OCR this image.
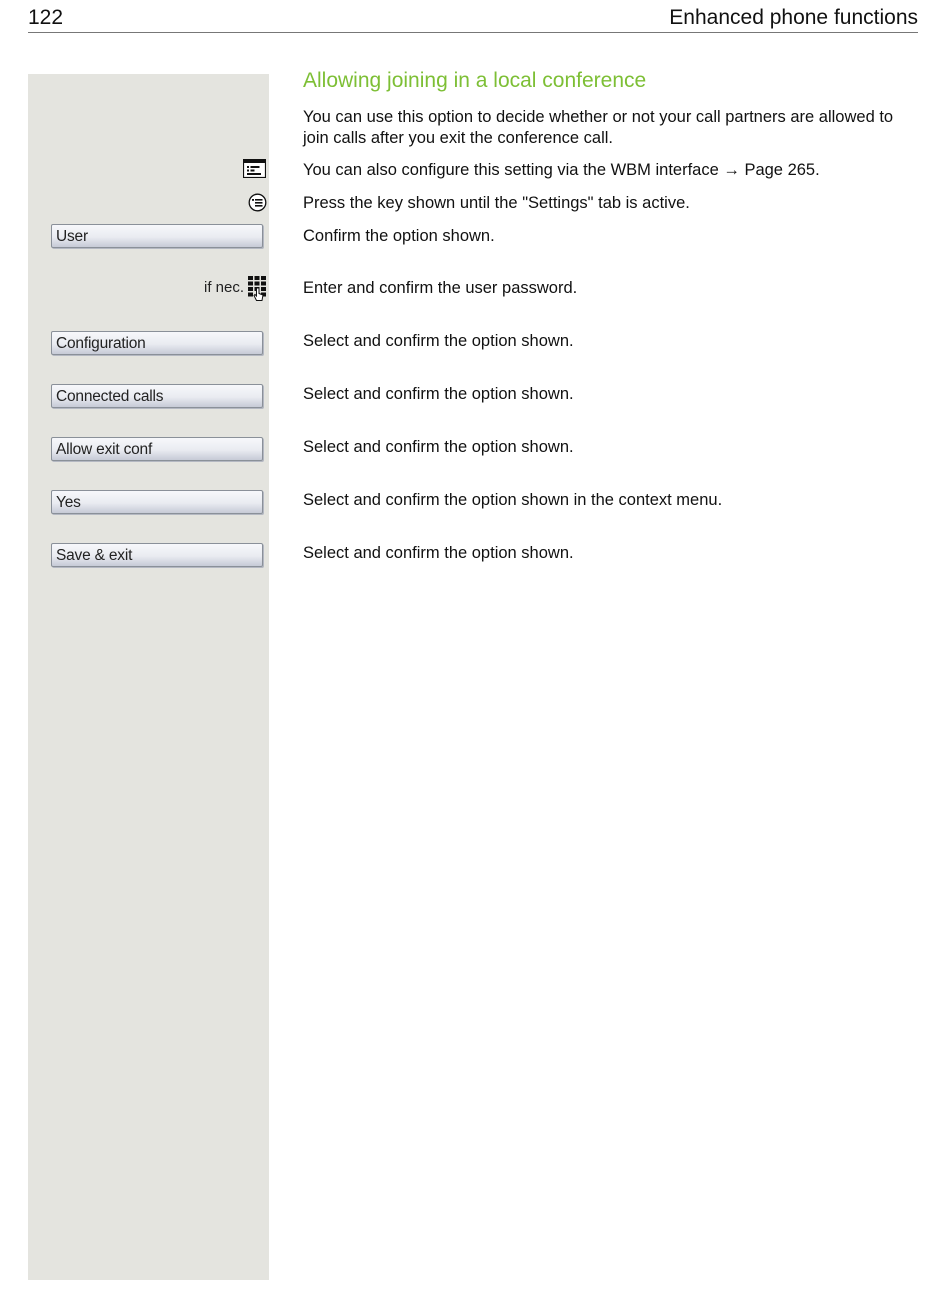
122	Enhanced phone functions
Allowing joining in a local conference
You can use this option to decide whether or not your call partners are allowed to join calls after you exit the conference call.
You can also configure this setting via the WBM interface → Page 265.
Press the key shown until the "Settings" tab is active.
User	Confirm the option shown.
if nec.	Enter and confirm the user password.
Configuration	Select and confirm the option shown.
Connected calls	Select and confirm the option shown.
Allow exit conf	Select and confirm the option shown.
Yes	Select and confirm the option shown in the context menu.
Save & exit	Select and confirm the option shown.
